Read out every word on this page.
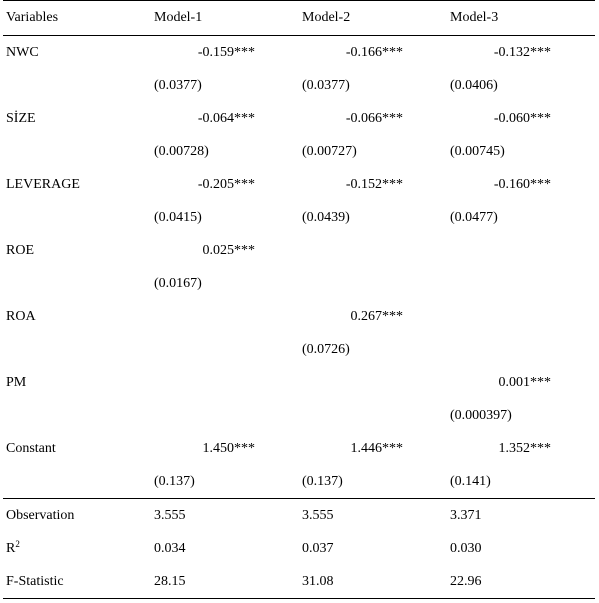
Variables	Model-1	Model-2	Model-3
NWC	-0.159***	-0.166***	-0.132***
	(0.0377)	(0.0377)	(0.0406)
SİZE	-0.064***	-0.066***	-0.060***
	(0.00728)	(0.00727)	(0.00745)
LEVERAGE	-0.205***	-0.152***	-0.160***
	(0.0415)	(0.0439)	(0.0477)
ROE	0.025***		
	(0.0167)		
ROA		0.267***	
		(0.0726)	
PM			0.001***
			(0.000397)
Constant	1.450***	1.446***	1.352***
	(0.137)	(0.137)	(0.141)
Observation	3.555	3.555	3.371
$R^2$	0.034	0.037	0.030
F-Statistic	28.15	31.08	22.96
